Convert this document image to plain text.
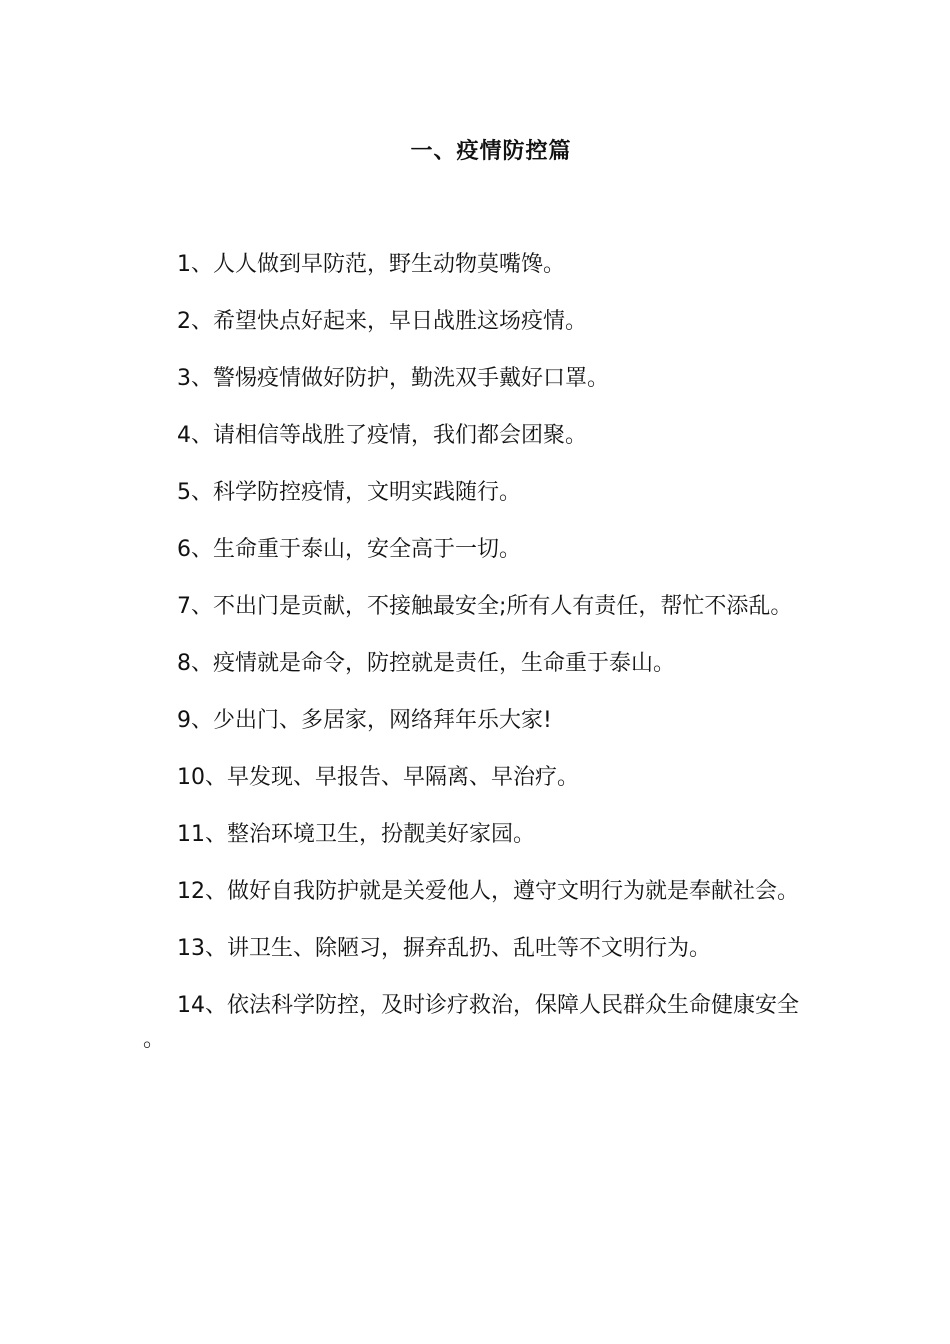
一、疫情防控篇

1、人人做到早防范，野生动物莫嘴馋。

2、希望快点好起来，早日战胜这场疫情。

3、警惕疫情做好防护，勤洗双手戴好口罩。

4、请相信等战胜了疫情，我们都会团聚。

5、科学防控疫情，文明实践随行。

6、生命重于泰山，安全高于一切。

7、不出门是贡献，不接触最安全;所有人有责任，帮忙不添乱。

8、疫情就是命令，防控就是责任，生命重于泰山。

9、少出门、多居家，网络拜年乐大家!

10、早发现、早报告、早隔离、早治疗。

11、整治环境卫生，扮靓美好家园。

12、做好自我防护就是关爱他人，遵守文明行为就是奉献社会。

13、讲卫生、除陋习，摒弃乱扔、乱吐等不文明行为。

14、依法科学防控，及时诊疗救治，保障人民群众生命健康安全。
